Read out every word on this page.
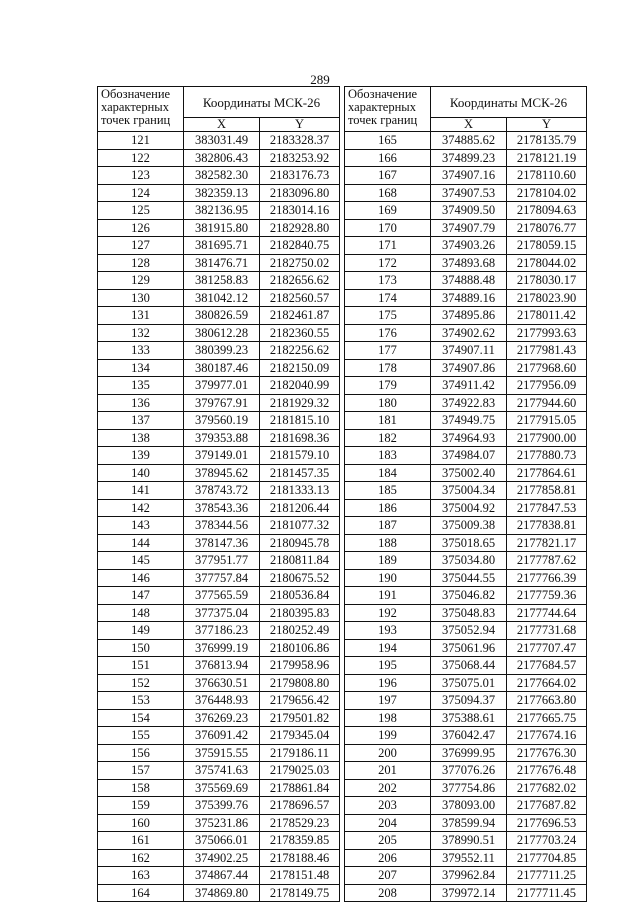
289
Обозначение характерных точек границ	Координаты МСК-26	
	X	Y
121	383031.49	2183328.37
122	382806.43	2183253.92
123	382582.30	2183176.73
124	382359.13	2183096.80
125	382136.95	2183014.16
126	381915.80	2182928.80
127	381695.71	2182840.75
128	381476.71	2182750.02
129	381258.83	2182656.62
130	381042.12	2182560.57
131	380826.59	2182461.87
132	380612.28	2182360.55
133	380399.23	2182256.62
134	380187.46	2182150.09
135	379977.01	2182040.99
136	379767.91	2181929.32
137	379560.19	2181815.10
138	379353.88	2181698.36
139	379149.01	2181579.10
140	378945.62	2181457.35
141	378743.72	2181333.13
142	378543.36	2181206.44
143	378344.56	2181077.32
144	378147.36	2180945.78
145	377951.77	2180811.84
146	377757.84	2180675.52
147	377565.59	2180536.84
148	377375.04	2180395.83
149	377186.23	2180252.49
150	376999.19	2180106.86
151	376813.94	2179958.96
152	376630.51	2179808.80
153	376448.93	2179656.42
154	376269.23	2179501.82
155	376091.42	2179345.04
156	375915.55	2179186.11
157	375741.63	2179025.03
158	375569.69	2178861.84
159	375399.76	2178696.57
160	375231.86	2178529.23
161	375066.01	2178359.85
162	374902.25	2178188.46
163	374867.44	2178151.48
164	374869.80	2178149.75
Обозначение характерных точек границ	Координаты МСК-26	
	X	Y
165	374885.62	2178135.79
166	374899.23	2178121.19
167	374907.16	2178110.60
168	374907.53	2178104.02
169	374909.50	2178094.63
170	374907.79	2178076.77
171	374903.26	2178059.15
172	374893.68	2178044.02
173	374888.48	2178030.17
174	374889.16	2178023.90
175	374895.86	2178011.42
176	374902.62	2177993.63
177	374907.11	2177981.43
178	374907.86	2177968.60
179	374911.42	2177956.09
180	374922.83	2177944.60
181	374949.75	2177915.05
182	374964.93	2177900.00
183	374984.07	2177880.73
184	375002.40	2177864.61
185	375004.34	2177858.81
186	375004.92	2177847.53
187	375009.38	2177838.81
188	375018.65	2177821.17
189	375034.80	2177787.62
190	375044.55	2177766.39
191	375046.82	2177759.36
192	375048.83	2177744.64
193	375052.94	2177731.68
194	375061.96	2177707.47
195	375068.44	2177684.57
196	375075.01	2177664.02
197	375094.37	2177663.80
198	375388.61	2177665.75
199	376042.47	2177674.16
200	376999.95	2177676.30
201	377076.26	2177676.48
202	377754.86	2177682.02
203	378093.00	2177687.82
204	378599.94	2177696.53
205	378990.51	2177703.24
206	379552.11	2177704.85
207	379962.84	2177711.25
208	379972.14	2177711.45
